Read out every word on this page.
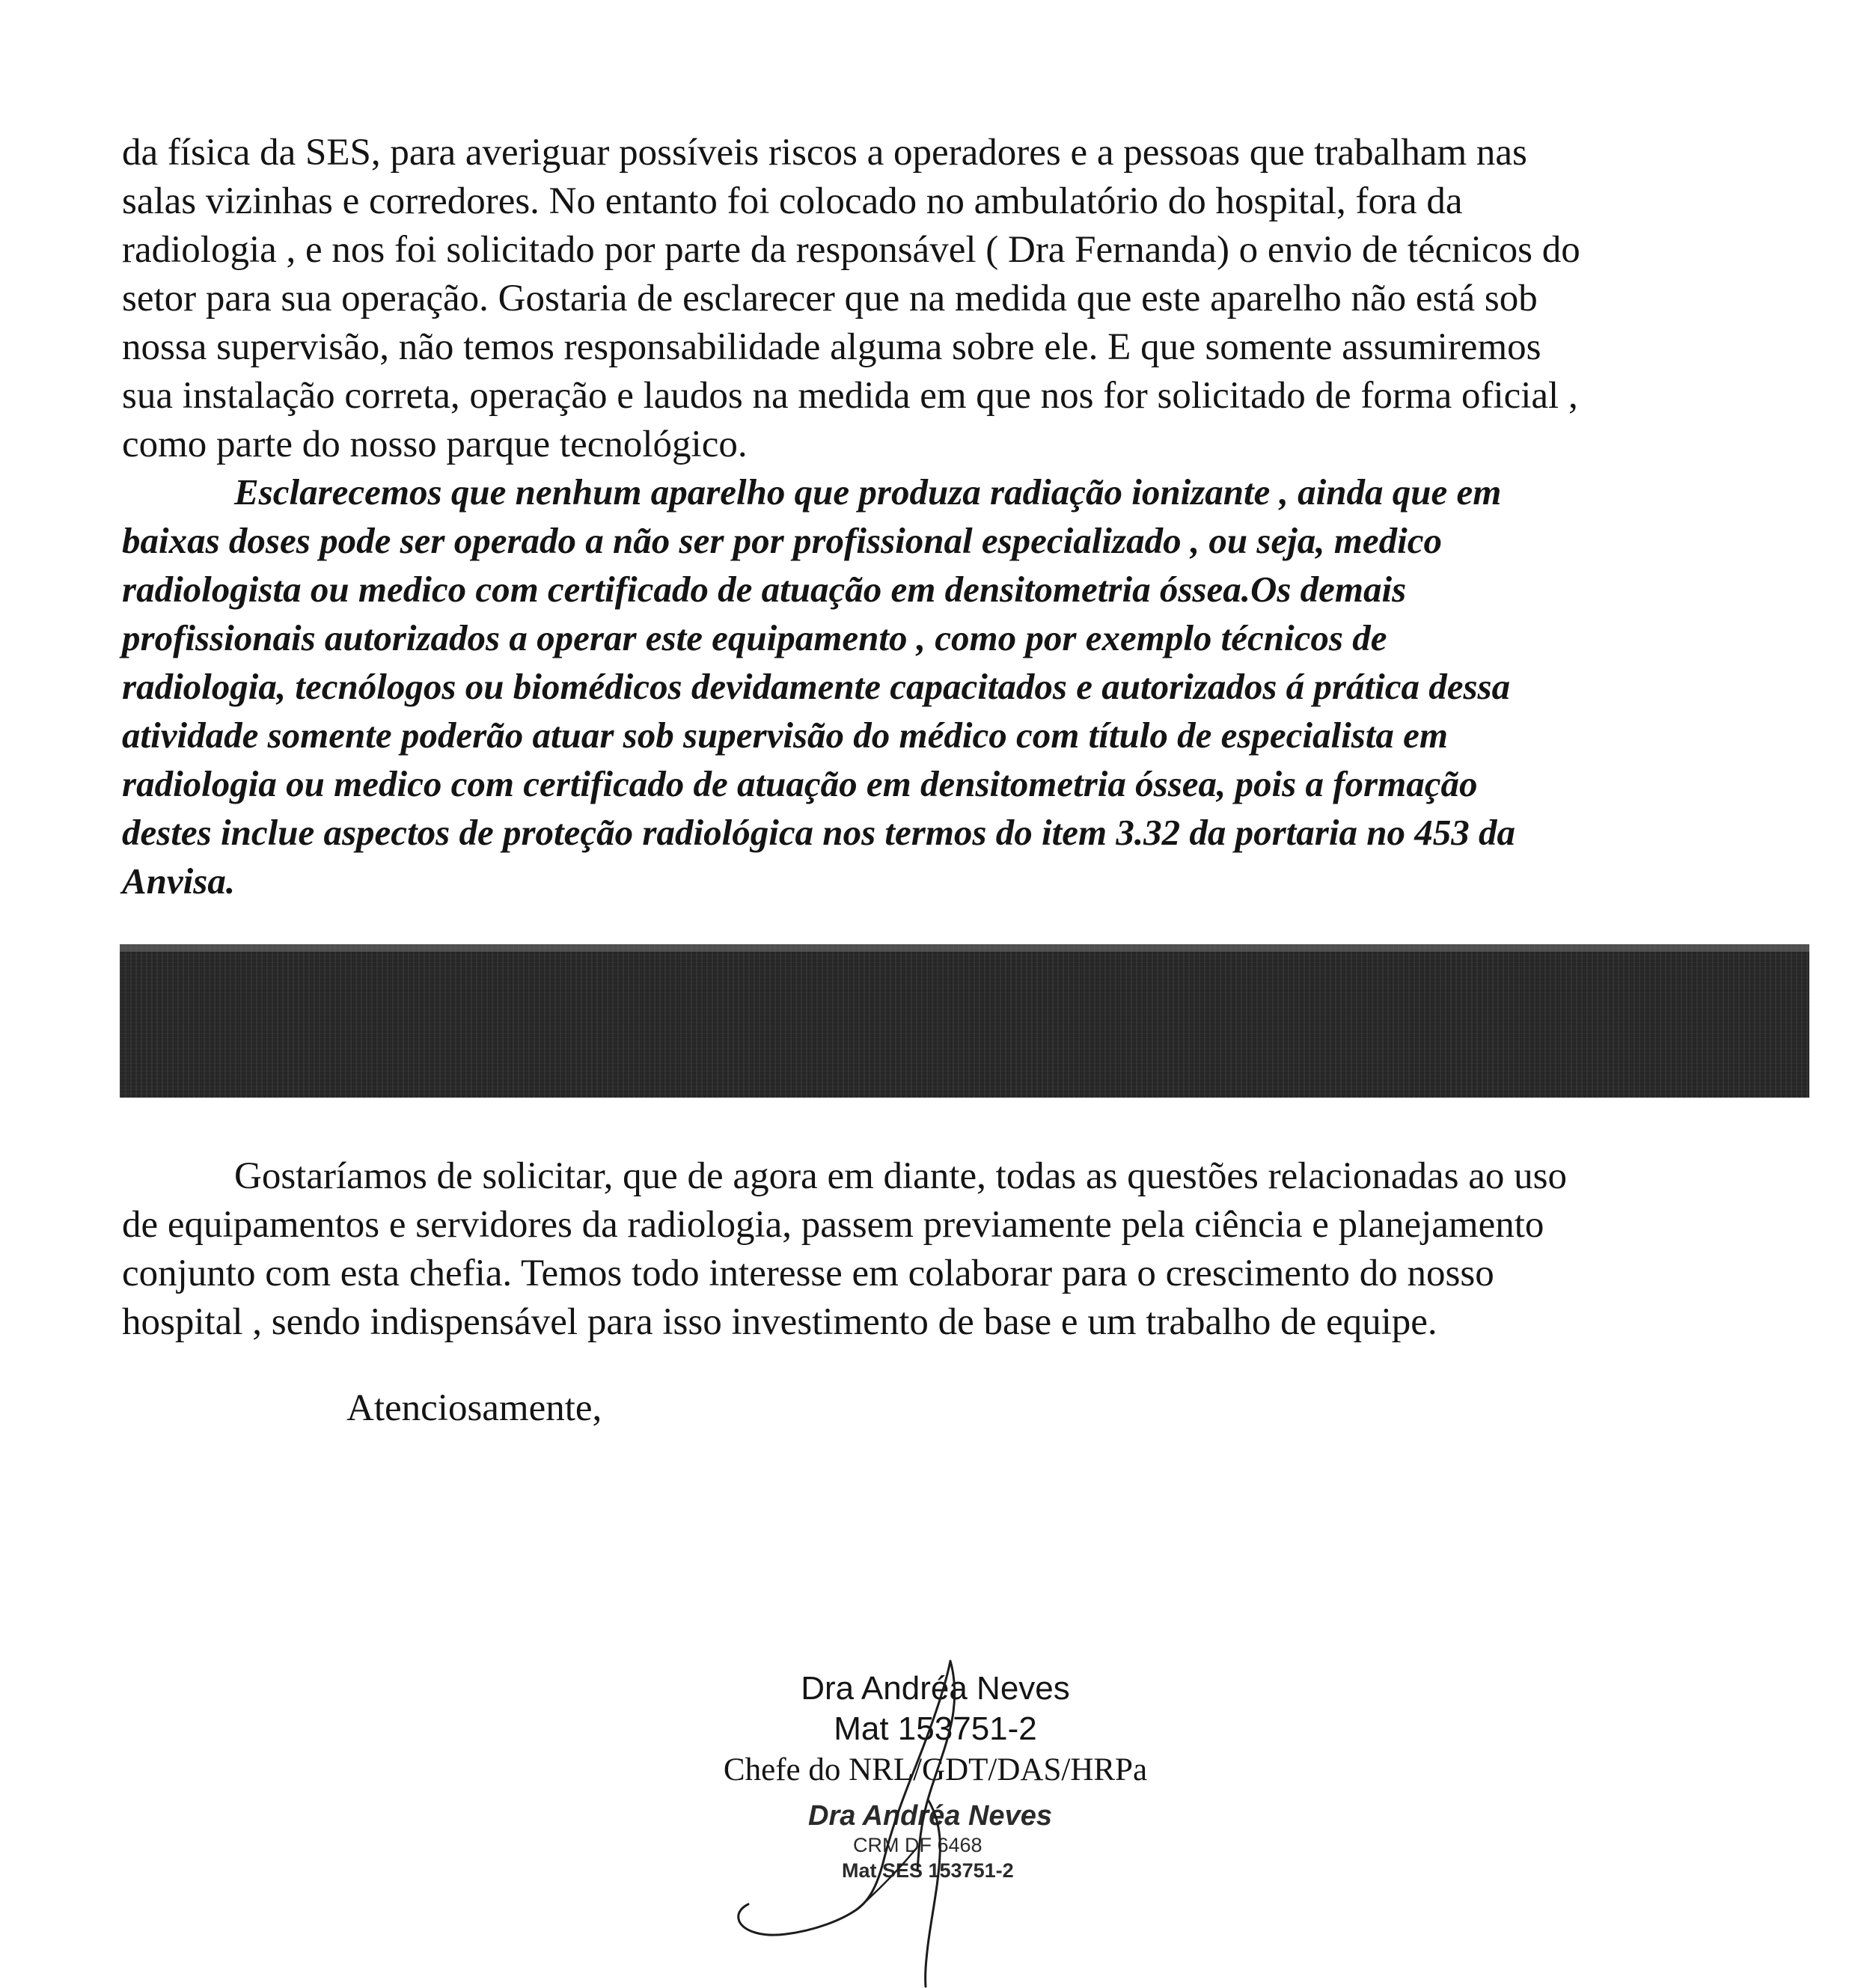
da física da SES, para averiguar possíveis riscos a operadores e a pessoas que trabalham nas
salas vizinhas e corredores. No entanto foi colocado no ambulatório do hospital, fora da
radiologia , e nos foi solicitado por parte da responsável ( Dra Fernanda) o envio de técnicos do
setor para sua operação. Gostaria de esclarecer que na medida que este aparelho não está sob
nossa supervisão, não temos responsabilidade alguma sobre ele. E que somente assumiremos
sua instalação correta, operação e laudos na medida em que nos for solicitado de forma oficial ,
como parte do nosso parque tecnológico.
Esclarecemos que nenhum aparelho que produza radiação ionizante , ainda que em
baixas doses pode ser operado a não ser por profissional especializado , ou seja, medico
radiologista ou medico com certificado de atuação em densitometria óssea.Os demais
profissionais autorizados a operar este equipamento , como por exemplo técnicos de
radiologia, tecnólogos ou biomédicos devidamente capacitados e autorizados á prática dessa
atividade somente poderão atuar sob supervisão do médico com título de especialista em
radiologia ou medico com certificado de atuação em densitometria óssea, pois a formação
destes inclue aspectos de proteção radiológica nos termos do item 3.32 da portaria no 453 da
Anvisa.
Gostaríamos de solicitar, que de agora em diante, todas as questões relacionadas ao uso
de equipamentos e servidores da radiologia, passem previamente pela ciência e planejamento
conjunto com esta chefia. Temos todo interesse em colaborar para o crescimento do nosso
hospital , sendo indispensável para isso investimento de base e um trabalho de equipe.

Atenciosamente,

Dra Andréa Neves
Mat 153751-2
Chefe do NRL/GDT/DAS/HRPa
Dra Andréa Neves
CRM DF 6468
Mat SES 153751-2
